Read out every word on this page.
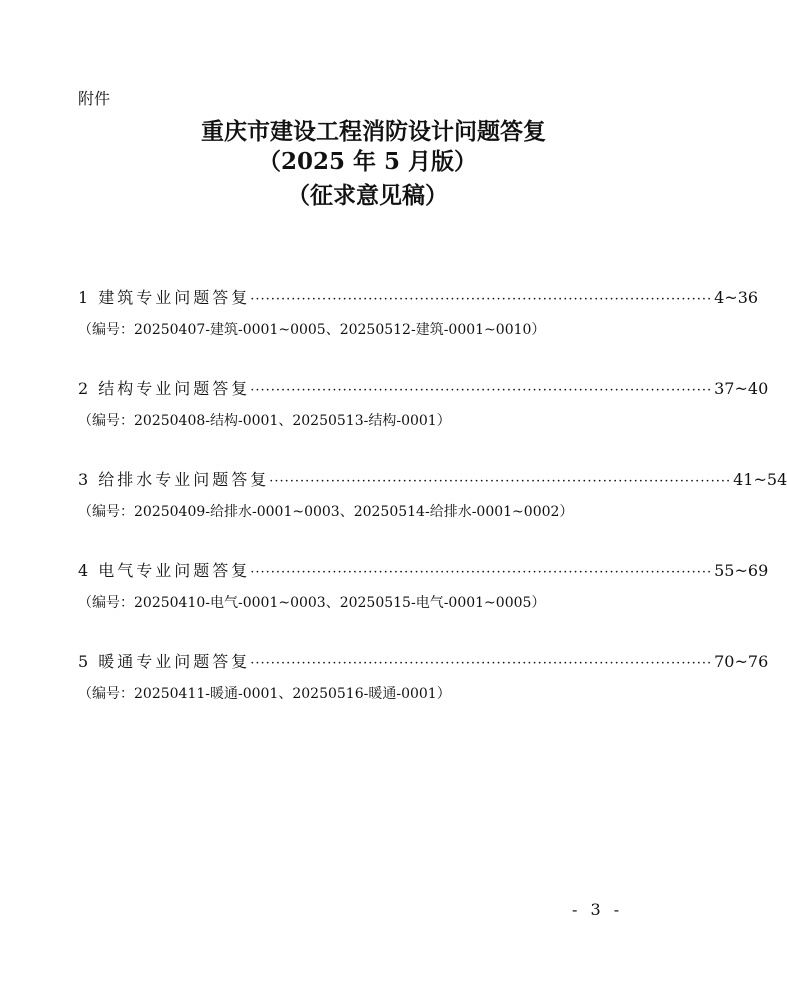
附件
重庆市建设工程消防设计问题答复
（2025 年 5 月版）
（征求意见稿）
1 建筑专业问题答复 ·························································································· 4~36
（编号：20250407-建筑-0001~0005、20250512-建筑-0001~0010）
2 结构专业问题答复 ·························································································· 37~40
（编号：20250408-结构-0001、20250513-结构-0001）
3 给排水专业问题答复 ·························································································· 41~54
（编号：20250409-给排水-0001~0003、20250514-给排水-0001~0002）
4 电气专业问题答复 ·························································································· 55~69
（编号：20250410-电气-0001~0003、20250515-电气-0001~0005）
5 暖通专业问题答复 ·························································································· 70~76
（编号：20250411-暖通-0001、20250516-暖通-0001）
- 3 -
